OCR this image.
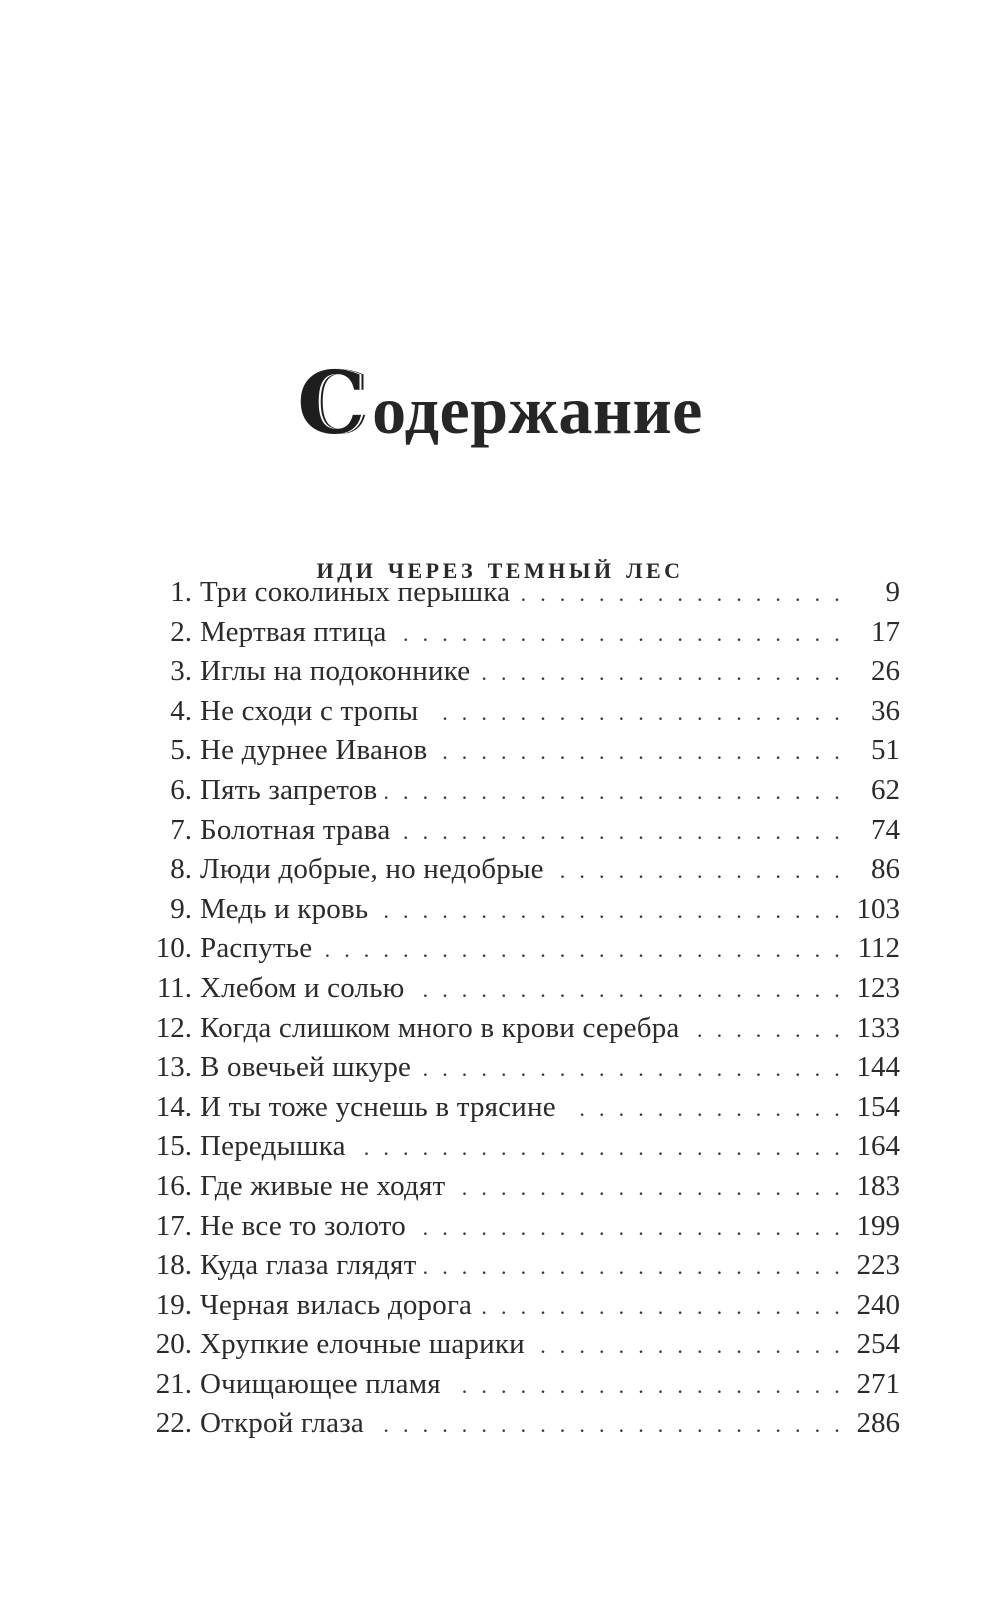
Содержание
иди через темный лес
1. Три соколиных перышка . . .	9
2. Мертвая птица . . .	17
3. Иглы на подоконнике . . .	26
4. Не сходи с тропы . . .	36
5. Не дурнее Иванов . . .	51
6. Пять запретов . . .	62
7. Болотная трава . . .	74
8. Люди добрые, но недобрые . . .	86
9. Медь и кровь . . .	103
10. Распутье . . .	112
11. Хлебом и солью . . .	123
12. Когда слишком много в крови серебра . . .	133
13. В овечьей шкуре . . .	144
14. И ты тоже уснешь в трясине . . .	154
15. Передышка . . .	164
16. Где живые не ходят . . .	183
17. Не все то золото . . .	199
18. Куда глаза глядят . . .	223
19. Черная вилась дорога . . .	240
20. Хрупкие елочные шарики . . .	254
21. Очищающее пламя . . .	271
22. Открой глаза . . .	286
